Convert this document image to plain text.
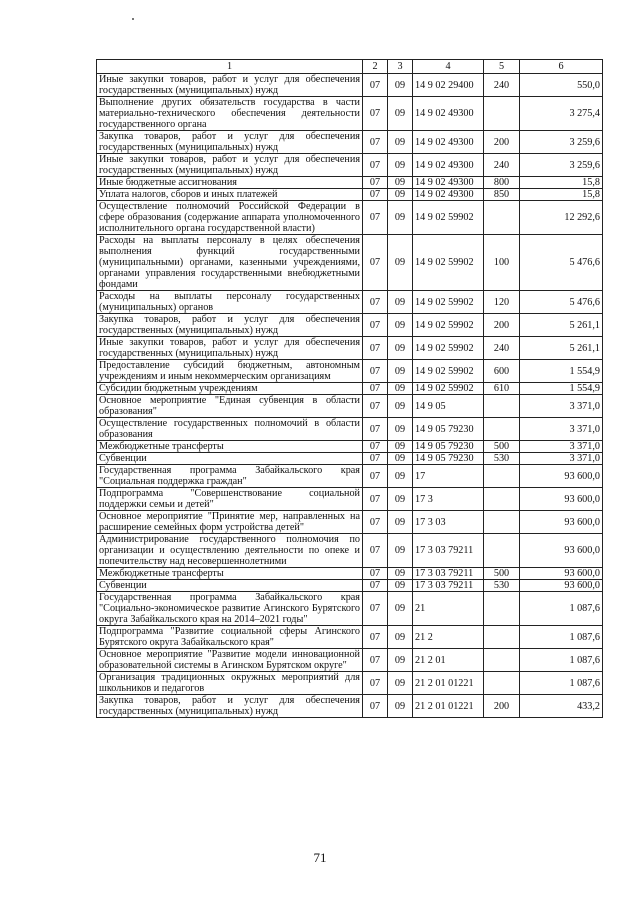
1	2	3	4	5	6
Иные закупки товаров, работ и услуг для обеспечения государственных (муниципальных) нужд	07	09	14 9 02 29400	240	550,0
Выполнение других обязательств государства в части материально-технического обеспечения деятельности государственного органа	07	09	14 9 02 49300		3 275,4
Закупка товаров, работ и услуг для обеспечения государственных (муниципальных) нужд	07	09	14 9 02 49300	200	3 259,6
Иные закупки товаров, работ и услуг для обеспечения государственных (муниципальных) нужд	07	09	14 9 02 49300	240	3 259,6
Иные бюджетные ассигнования	07	09	14 9 02 49300	800	15,8
Уплата налогов, сборов и иных платежей	07	09	14 9 02 49300	850	15,8
Осуществление полномочий Российской Федерации в сфере образования (содержание аппарата уполномоченного исполнительного органа государственной власти)	07	09	14 9 02 59902		12 292,6
Расходы на выплаты персоналу в целях обеспечения выполнения функций государственными (муниципальными) органами, казенными учреждениями, органами управления государственными внебюджетными фондами	07	09	14 9 02 59902	100	5 476,6
Расходы на выплаты персоналу государственных (муниципальных) органов	07	09	14 9 02 59902	120	5 476,6
Закупка товаров, работ и услуг для обеспечения государственных (муниципальных) нужд	07	09	14 9 02 59902	200	5 261,1
Иные закупки товаров, работ и услуг для обеспечения государственных (муниципальных) нужд	07	09	14 9 02 59902	240	5 261,1
Предоставление субсидий бюджетным, автономным учреждениям и иным некоммерческим организациям	07	09	14 9 02 59902	600	1 554,9
Субсидии бюджетным учреждениям	07	09	14 9 02 59902	610	1 554,9
Основное мероприятие "Единая субвенция в области образования"	07	09	14 9 05		3 371,0
Осуществление государственных полномочий в области образования	07	09	14 9 05 79230		3 371,0
Межбюджетные трансферты	07	09	14 9 05 79230	500	3 371,0
Субвенции	07	09	14 9 05 79230	530	3 371,0
Государственная программа Забайкальского края "Социальная поддержка граждан"	07	09	17		93 600,0
Подпрограмма "Совершенствование социальной поддержки семьи и детей"	07	09	17 3		93 600,0
Основное мероприятие "Принятие мер, направленных на расширение семейных форм устройства детей"	07	09	17 3 03		93 600,0
Администрирование государственного полномочия по организации и осуществлению деятельности по опеке и попечительству над несовершеннолетними	07	09	17 3 03 79211		93 600,0
Межбюджетные трансферты	07	09	17 3 03 79211	500	93 600,0
Субвенции	07	09	17 3 03 79211	530	93 600,0
Государственная программа Забайкальского края "Социально-экономическое развитие Агинского Бурятского округа Забайкальского края на 2014–2021 годы"	07	09	21		1 087,6
Подпрограмма "Развитие социальной сферы Агинского Бурятского округа Забайкальского края"	07	09	21 2		1 087,6
Основное мероприятие "Развитие модели инновационной образовательной системы в Агинском Бурятском округе"	07	09	21 2 01		1 087,6
Организация традиционных окружных мероприятий для школьников и педагогов	07	09	21 2 01 01221		1 087,6
Закупка товаров, работ и услуг для обеспечения государственных (муниципальных) нужд	07	09	21 2 01 01221	200	433,2
71
